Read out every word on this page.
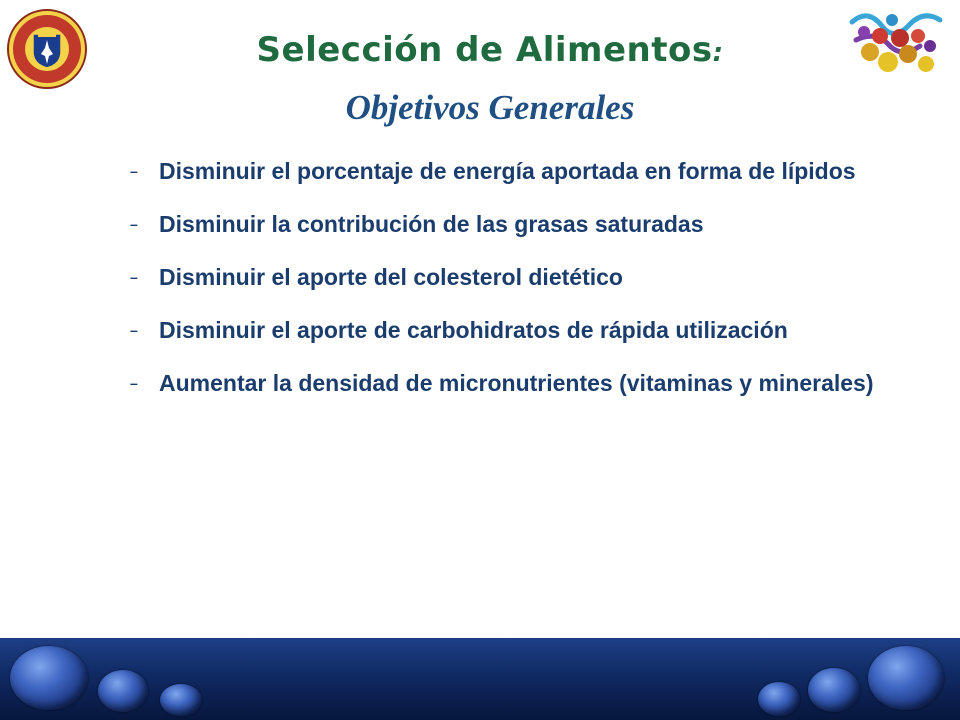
Selección de Alimentos:
Objetivos Generales
– Disminuir el porcentaje de energía aportada en forma de lípidos
– Disminuir la contribución de las grasas saturadas
– Disminuir el aporte del colesterol dietético
– Disminuir el aporte de carbohidratos de rápida utilización
– Aumentar la densidad de micronutrientes (vitaminas y minerales)
